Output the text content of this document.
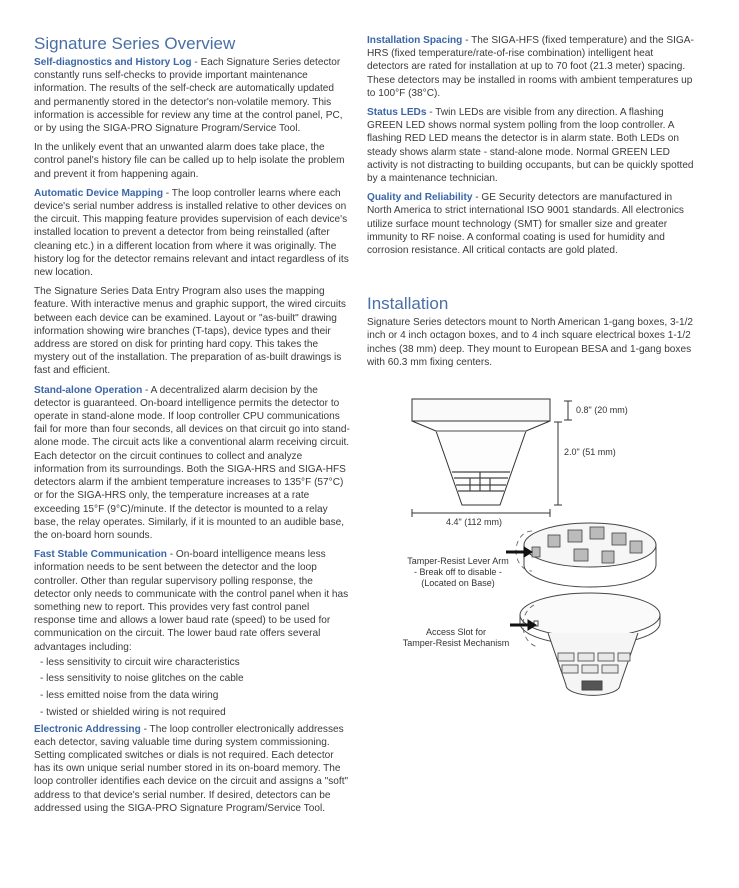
Signature Series Overview

Self-diagnostics and History Log - Each Signature Series detector constantly runs self-checks to provide important maintenance information. The results of the self-check are automatically updated and permanently stored in the detector's non-volatile memory. This information is accessible for review any time at the control panel, PC, or by using the SIGA-PRO Signature Program/Service Tool.

In the unlikely event that an unwanted alarm does take place, the control panel's history file can be called up to help isolate the problem and prevent it from happening again.

Automatic Device Mapping - The loop controller learns where each device's serial number address is installed relative to other devices on the circuit. This mapping feature provides supervision of each device's installed location to prevent a detector from being reinstalled (after cleaning etc.) in a different location from where it was originally. The history log for the detector remains relevant and intact regardless of its new location.

The Signature Series Data Entry Program also uses the mapping feature. With interactive menus and graphic support, the wired circuits between each device can be examined. Layout or "as-built" drawing information showing wire branches (T-taps), device types and their address are stored on disk for printing hard copy. This takes the mystery out of the installation. The preparation of as-built drawings is fast and efficient.

Stand-alone Operation - A decentralized alarm decision by the detector is guaranteed. On-board intelligence permits the detector to operate in stand-alone mode. If loop controller CPU communications fail for more than four seconds, all devices on that circuit go into stand-alone mode. The circuit acts like a conventional alarm receiving circuit. Each detector on the circuit continues to collect and analyze information from its surroundings. Both the SIGA-HRS and SIGA-HFS detectors alarm if the ambient temperature increases to 135°F (57°C) or for the SIGA-HRS only, the temperature increases at a rate exceeding 15°F (9°C)/minute. If the detector is mounted to a relay base, the relay operates. Similarly, if it is mounted to an audible base, the on-board horn sounds.

Fast Stable Communication - On-board intelligence means less information needs to be sent between the detector and the loop controller. Other than regular supervisory polling response, the detector only needs to communicate with the control panel when it has something new to report. This provides very fast control panel response time and allows a lower baud rate (speed) to be used for communication on the circuit. The lower baud rate offers several advantages including:

- less sensitivity to circuit wire characteristics
- less sensitivity to noise glitches on the cable
- less emitted noise from the data wiring
- twisted or shielded wiring is not required

Electronic Addressing - The loop controller electronically addresses each detector, saving valuable time during system commissioning. Setting complicated switches or dials is not required. Each detector has its own unique serial number stored in its on-board memory. The loop controller identifies each device on the circuit and assigns a "soft" address to that device's serial number. If desired, detectors can be addressed using the SIGA-PRO Signature Program/Service Tool.

Installation Spacing - The SIGA-HFS (fixed temperature) and the SIGA-HRS (fixed temperature/rate-of-rise combination) intelligent heat detectors are rated for installation at up to 70 foot (21.3 meter) spacing. These detectors may be installed in rooms with ambient temperatures up to 100°F (38°C).

Status LEDs - Twin LEDs are visible from any direction. A flashing GREEN LED shows normal system polling from the loop controller. A flashing RED LED means the detector is in alarm state. Both LEDs on steady shows alarm state - stand-alone mode. Normal GREEN LED activity is not distracting to building occupants, but can be quickly spotted by a maintenance technician.

Quality and Reliability - GE Security detectors are manufactured in North America to strict international ISO 9001 standards. All electronics utilize surface mount technology (SMT) for smaller size and greater immunity to RF noise. A conformal coating is used for humidity and corrosion resistance. All critical contacts are gold plated.

Installation

Signature Series detectors mount to North American 1-gang boxes, 3-1/2 inch or 4 inch octagon boxes, and to 4 inch square electrical boxes 1-1/2 inches (38 mm) deep. They mount to European BESA and 1-gang boxes with 60.3 mm fixing centers.

0.8" (20 mm)
2.0" (51 mm)
4.4" (112 mm)
Tamper-Resist Lever Arm
- Break off to disable -
(Located on Base)
Access Slot for
Tamper-Resist Mechanism
